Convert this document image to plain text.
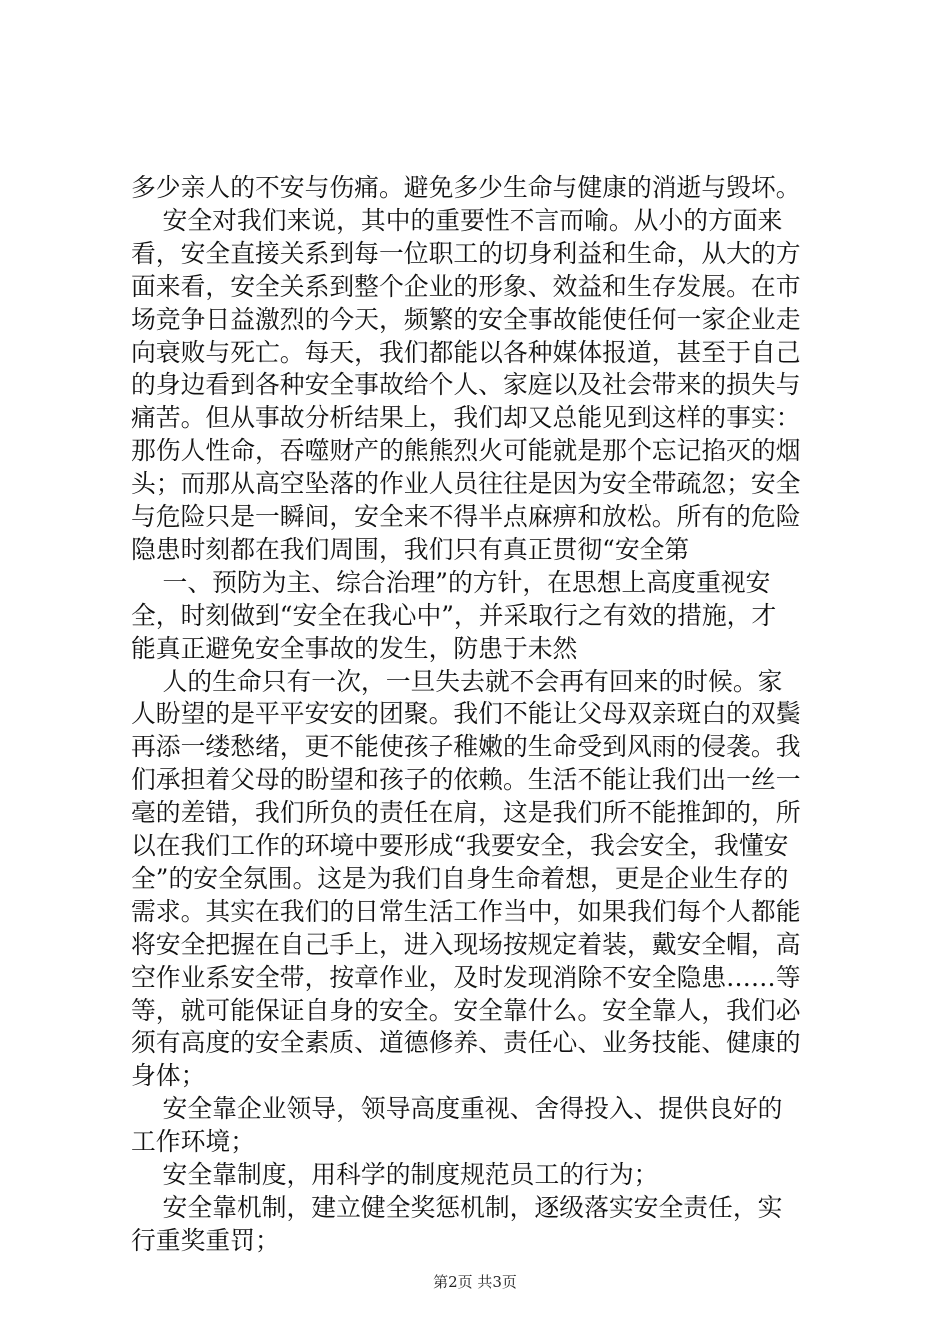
多少亲人的不安与伤痛。避免多少生命与健康的消逝与毁坏。
安全对我们来说，其中的重要性不言而喻。从小的方面来
看，安全直接关系到每一位职工的切身利益和生命，从大的方
面来看，安全关系到整个企业的形象、效益和生存发展。在市
场竞争日益激烈的今天，频繁的安全事故能使任何一家企业走
向衰败与死亡。每天，我们都能以各种媒体报道，甚至于自己
的身边看到各种安全事故给个人、家庭以及社会带来的损失与
痛苦。但从事故分析结果上，我们却又总能见到这样的事实：
那伤人性命，吞噬财产的熊熊烈火可能就是那个忘记掐灭的烟
头；而那从高空坠落的作业人员往往是因为安全带疏忽；安全
与危险只是一瞬间，安全来不得半点麻痹和放松。所有的危险
隐患时刻都在我们周围，我们只有真正贯彻“安全第
一、预防为主、综合治理”的方针，在思想上高度重视安
全，时刻做到“安全在我心中”，并采取行之有效的措施，才
能真正避免安全事故的发生，防患于未然
人的生命只有一次，一旦失去就不会再有回来的时候。家
人盼望的是平平安安的团聚。我们不能让父母双亲斑白的双鬓
再添一缕愁绪，更不能使孩子稚嫩的生命受到风雨的侵袭。我
们承担着父母的盼望和孩子的依赖。生活不能让我们出一丝一
毫的差错，我们所负的责任在肩，这是我们所不能推卸的，所
以在我们工作的环境中要形成“我要安全，我会安全，我懂安
全”的安全氛围。这是为我们自身生命着想，更是企业生存的
需求。其实在我们的日常生活工作当中，如果我们每个人都能
将安全把握在自己手上，进入现场按规定着装，戴安全帽，高
空作业系安全带，按章作业，及时发现消除不安全隐患……等
等，就可能保证自身的安全。安全靠什么。安全靠人，我们必
须有高度的安全素质、道德修养、责任心、业务技能、健康的
身体；
安全靠企业领导，领导高度重视、舍得投入、提供良好的
工作环境；
安全靠制度，用科学的制度规范员工的行为；
安全靠机制，建立健全奖惩机制，逐级落实安全责任，实
行重奖重罚；
第2页 共3页
